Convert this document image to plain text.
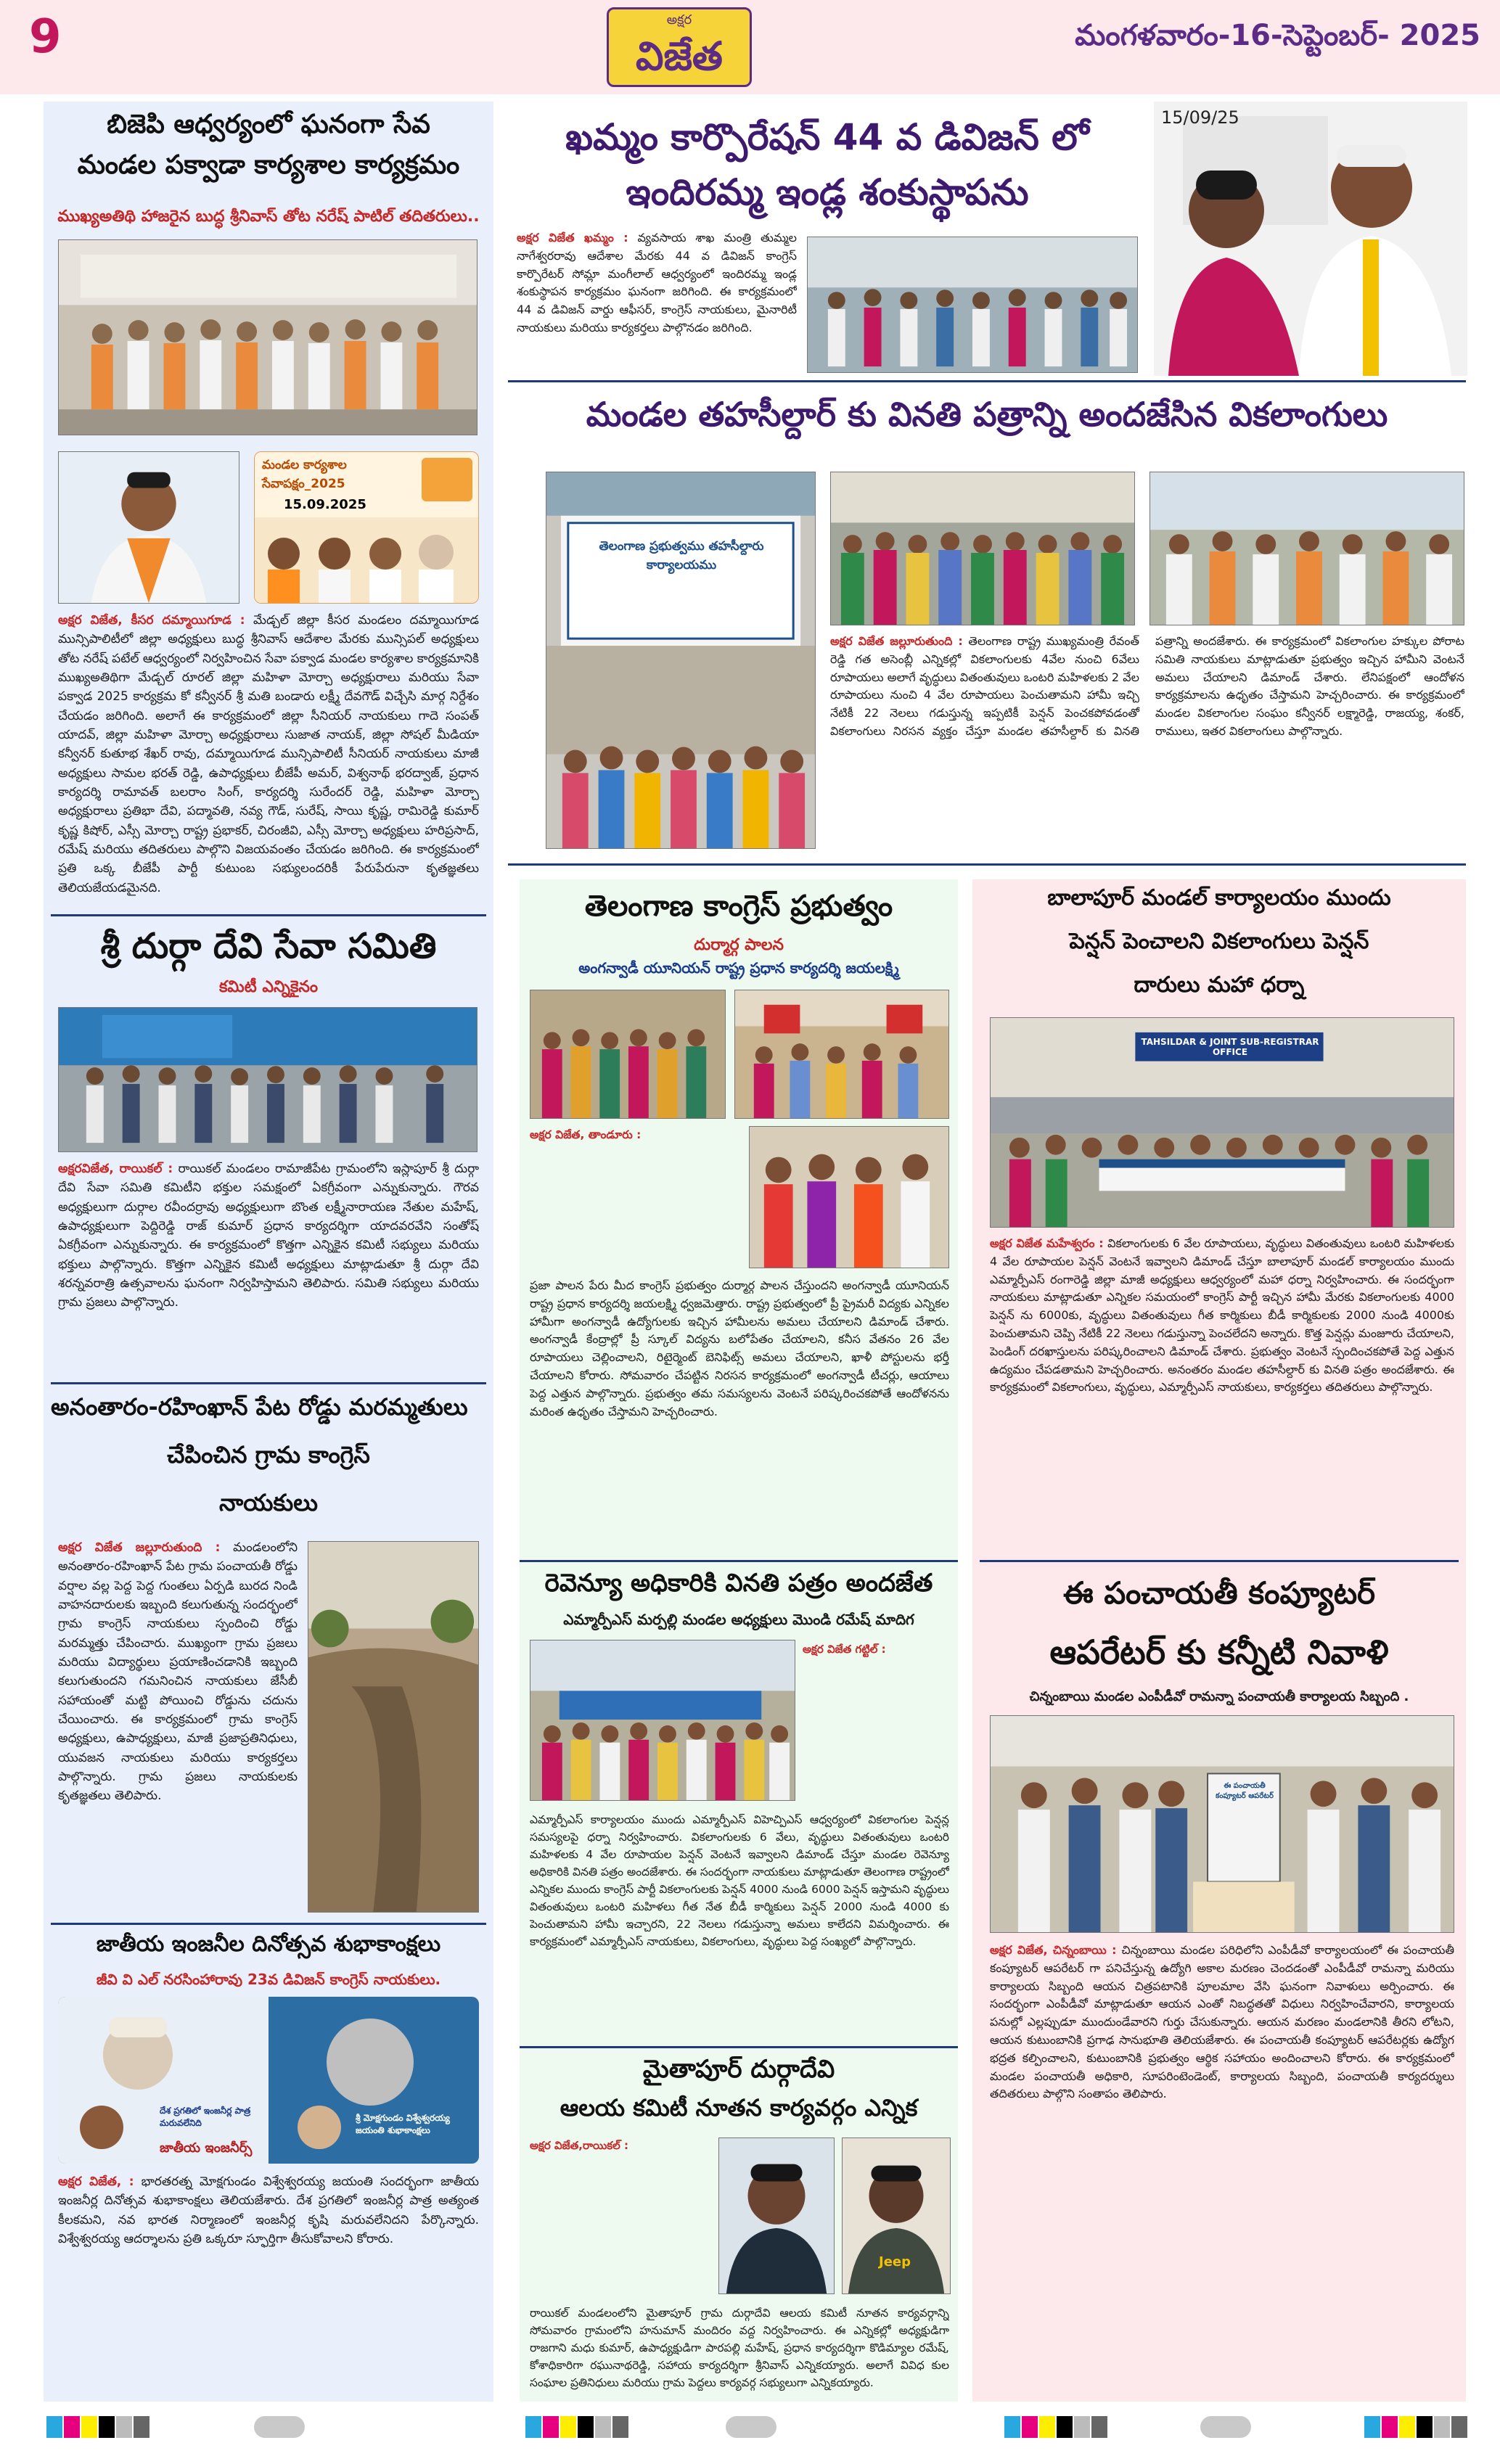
9	అక్షర
విజేత	మంగళవారం-16-సెప్టెంబర్- 2025
బిజెపి ఆధ్వర్యంలో ఘనంగా సేవ
మండల పక్వాడా కార్యశాల కార్యక్రమం
ముఖ్యఅతిథి హాజరైన బుద్ధ శ్రీనివాస్ తోట నరేష్ పాటిల్ తదితరులు..
మండల కార్యశాల
సేవాపక్షం_2025
15.09.2025
అక్షర విజేత, కీసర దమ్మాయిగూడ : మేడ్చల్ జిల్లా కీసర మండలం దమ్మాయిగూడ మున్సిపాలిటీలో జిల్లా అధ్యక్షులు బుద్ధ శ్రీనివాస్ ఆదేశాల మేరకు మున్సిపల్ అధ్యక్షులు తోట నరేష్ పటేల్ ఆధ్వర్యంలో నిర్వహించిన సేవా పక్వాడ మండల కార్యశాల కార్యక్రమానికి ముఖ్యఅతిథిగా మేడ్చల్ రూరల్ జిల్లా మహిళా మోర్చా అధ్యక్షురాలు మరియు సేవా పక్వాడ 2025 కార్యక్రమ కో కన్వీనర్ శ్రీ మతి బండారు లక్ష్మీ దేవగౌడ్ విచ్చేసి మార్గ నిర్దేశం చేయడం జరిగింది. అలాగే ఈ కార్యక్రమంలో జిల్లా సీనియర్ నాయకులు గాదె సంపత్ యాదవ్, జిల్లా మహిళా మోర్చా అధ్యక్షురాలు సుజాత నాయక్, జిల్లా సోషల్ మీడియా కన్వీనర్ కుతూభ శేఖర్ రావు, దమ్మాయిగూడ మున్సిపాలిటీ సీనియర్ నాయకులు మాజీ అధ్యక్షులు సామల భరత్ రెడ్డి, ఉపాధ్యక్షులు బీజేపీ అమర్, విశ్వనాథ్ భరద్వాజ్, ప్రధాన కార్యదర్శి రామావత్ బలరాం సింగ్, కార్యదర్శి సురేందర్ రెడ్డి, మహిళా మోర్చా అధ్యక్షురాలు ప్రతిభా దేవి, పద్మావతి, నవ్య గౌడ్, సురేష్, సాయి కృష్ణ, రామిరెడ్డి కుమార్ కృష్ణ కిషోర్, ఎస్సీ మోర్చా రాష్ట్ర ప్రభాకర్, చిరంజీవి, ఎస్సీ మోర్చా అధ్యక్షులు హరిప్రసాద్, రమేష్ మరియు తదితరులు పాల్గొని విజయవంతం చేయడం జరిగింది. ఈ కార్యక్రమంలో ప్రతి ఒక్క బీజేపీ పార్టీ కుటుంబ సభ్యులందరికీ పేరుపేరునా కృతజ్ఞతలు తెలియజేయడమైనది.
శ్రీ దుర్గా దేవి సేవా సమితి
కమిటీ ఎన్నికైనం
అక్షరవిజేత, రాయికల్ : రాయికల్ మండలం రామాజీపేట గ్రామంలోని ఇస్లాపూర్ శ్రీ దుర్గా దేవి సేవా సమితి కమిటీని భక్తుల సమక్షంలో ఏకగ్రీవంగా ఎన్నుకున్నారు. గౌరవ అధ్యక్షులుగా దుర్గాల రవీందర్రావు అధ్యక్షులుగా బొంత లక్ష్మీనారాయణ నేతుల మహేష్, ఉపాధ్యక్షులుగా పెద్దిరెడ్డి రాజ్ కుమార్ ప్రధాన కార్యదర్శిగా యాదవరవేని సంతోష్ ఏకగ్రీవంగా ఎన్నుకున్నారు. ఈ కార్యక్రమంలో కొత్తగా ఎన్నికైన కమిటీ సభ్యులు మరియు భక్తులు పాల్గొన్నారు. కొత్తగా ఎన్నికైన కమిటీ అధ్యక్షులు మాట్లాడుతూ శ్రీ దుర్గా దేవి శరన్నవరాత్రి ఉత్సవాలను ఘనంగా నిర్వహిస్తామని తెలిపారు. సమితి సభ్యులు మరియు గ్రామ ప్రజలు పాల్గొన్నారు.
అనంతారం-రహింఖాన్ పేట రోడ్డు మరమ్మతులు
చేపించిన గ్రామ కాంగ్రెస్
నాయకులు
అక్షర విజేత జల్లూరుతుంది : మండలంలోని అనంతారం-రహింఖాన్ పేట గ్రామ పంచాయతీ రోడ్డు వర్షాల వల్ల పెద్ద పెద్ద గుంతలు ఏర్పడి బురద నిండి వాహనదారులకు ఇబ్బంది కలుగుతున్న సందర్భంలో గ్రామ కాంగ్రెస్ నాయకులు స్పందించి రోడ్డు మరమ్మత్తు చేపించారు. ముఖ్యంగా గ్రామ ప్రజలు మరియు విద్యార్థులు ప్రయాణించడానికి ఇబ్బంది కలుగుతుందని గమనించిన నాయకులు జేసీబీ సహాయంతో మట్టి పోయించి రోడ్డును చదును చేయించారు. ఈ కార్యక్రమంలో గ్రామ కాంగ్రెస్ అధ్యక్షులు, ఉపాధ్యక్షులు, మాజీ ప్రజాప్రతినిధులు, యువజన నాయకులు మరియు కార్యకర్తలు పాల్గొన్నారు. గ్రామ ప్రజలు నాయకులకు కృతజ్ఞతలు తెలిపారు.
జాతీయ ఇంజనీల దినోత్సవ శుభాకాంక్షలు
జీవి వి ఎల్ నరసింహారావు 23వ డివిజన్ కాంగ్రెస్ నాయకులు.
దేశ ప్రగతిలో ఇంజనీర్ల పాత్ర మరువలేనిది
జాతీయ ఇంజనీర్స్
శ్రీ మోక్షగుండం విశ్వేశ్వరయ్య జయంతి శుభాకాంక్షలు
అక్షర విజేత, : భారతరత్న మోక్షగుండం విశ్వేశ్వరయ్య జయంతి సందర్భంగా జాతీయ ఇంజనీర్ల దినోత్సవ శుభాకాంక్షలు తెలియజేశారు. దేశ ప్రగతిలో ఇంజనీర్ల పాత్ర అత్యంత కీలకమని, నవ భారత నిర్మాణంలో ఇంజనీర్ల కృషి మరువలేనిదని పేర్కొన్నారు. విశ్వేశ్వరయ్య ఆదర్శాలను ప్రతి ఒక్కరూ స్ఫూర్తిగా తీసుకోవాలని కోరారు.
ఖమ్మం కార్పొరేషన్ 44 వ డివిజన్ లో
ఇందిరమ్మ ఇండ్ల శంకుస్థాపను
అక్షర విజేత ఖమ్మం : వ్యవసాయ శాఖ మంత్రి తుమ్మల నాగేశ్వరరావు ఆదేశాల మేరకు 44 వ డివిజన్ కాంగ్రెస్ కార్పొరేటర్ సోమ్లా మంగీలాల్ ఆధ్వర్యంలో ఇందిరమ్మ ఇండ్ల శంకుస్థాపన కార్యక్రమం ఘనంగా జరిగింది. ఈ కార్యక్రమంలో 44 వ డివిజన్ వార్డు ఆఫీసర్, కాంగ్రెస్ నాయకులు, మైనారిటీ నాయకులు మరియు కార్యకర్తలు పాల్గొనడం జరిగింది.
15/09/25
మండల తహసీల్దార్ కు వినతి పత్రాన్ని అందజేసిన వికలాంగులు
తెలంగాణ ప్రభుత్వము తహసీల్దారు కార్యాలయము
అక్షర విజేత జల్లూరుతుంది : తెలంగాణ రాష్ట్ర ముఖ్యమంత్రి రేవంత్ రెడ్డి గత అసెంబ్లీ ఎన్నికల్లో వికలాంగులకు 4వేల నుంచి 6వేలు రూపాయలు అలాగే వృద్ధులు వితంతువులు ఒంటరి మహిళలకు 2 వేల రూపాయలు నుంచి 4 వేల రూపాయలు పెంచుతామని హామీ ఇచ్చి నేటికీ 22 నెలలు గడుస్తున్న ఇప్పటికీ పెన్షన్ పెంచకపోవడంతో వికలాంగులు నిరసన వ్యక్తం చేస్తూ మండల తహసీల్దార్ కు వినతి పత్రాన్ని అందజేశారు. ఈ కార్యక్రమంలో వికలాంగుల హక్కుల పోరాట సమితి నాయకులు మాట్లాడుతూ ప్రభుత్వం ఇచ్చిన హామీని వెంటనే అమలు చేయాలని డిమాండ్ చేశారు. లేనిపక్షంలో ఆందోళన కార్యక్రమాలను ఉధృతం చేస్తామని హెచ్చరించారు. ఈ కార్యక్రమంలో మండల వికలాంగుల సంఘం కన్వీనర్ లక్ష్మారెడ్డి, రాజయ్య, శంకర్, రాములు, ఇతర వికలాంగులు పాల్గొన్నారు.
తెలంగాణ కాంగ్రెస్ ప్రభుత్వం
దుర్మార్గ పాలన
అంగన్వాడీ యూనియన్ రాష్ట్ర ప్రధాన కార్యదర్శి జయలక్ష్మి
అక్షర విజేత, తాండూరు :
ప్రజా పాలన పేరు మీద కాంగ్రెస్ ప్రభుత్వం దుర్మార్గ పాలన చేస్తుందని అంగన్వాడీ యూనియన్ రాష్ట్ర ప్రధాన కార్యదర్శి జయలక్ష్మి ధ్వజమెత్తారు. రాష్ట్ర ప్రభుత్వంలో ప్రీ ప్రైమరీ విద్యకు ఎన్నికల హామీగా అంగన్వాడీ ఉద్యోగులకు ఇచ్చిన హామీలను అమలు చేయాలని డిమాండ్ చేశారు. అంగన్వాడీ కేంద్రాల్లో ప్రీ స్కూల్ విద్యను బలోపేతం చేయాలని, కనీస వేతనం 26 వేల రూపాయలు చెల్లించాలని, రిటైర్మెంట్ బెనిఫిట్స్ అమలు చేయాలని, ఖాళీ పోస్టులను భర్తీ చేయాలని కోరారు. సోమవారం చేపట్టిన నిరసన కార్యక్రమంలో అంగన్వాడీ టీచర్లు, ఆయాలు పెద్ద ఎత్తున పాల్గొన్నారు. ప్రభుత్వం తమ సమస్యలను వెంటనే పరిష్కరించకపోతే ఆందోళనను మరింత ఉధృతం చేస్తామని హెచ్చరించారు.
రెవెన్యూ అధికారికి వినతి పత్రం అందజేత
ఎమ్మార్పీఎస్ మర్పల్లి మండల అధ్యక్షులు మొండి రమేష్ మాదిగ
అక్షర విజేత గట్టిల్ :
ఎమ్మార్పీఎస్ కార్యాలయం ముందు ఎమ్మార్పీఎస్ విహెచ్పిఎస్ ఆధ్వర్యంలో వికలాంగుల పెన్షన్ల సమస్యలపై ధర్నా నిర్వహించారు. వికలాంగులకు 6 వేలు, వృద్ధులు వితంతువులు ఒంటరి మహిళలకు 4 వేల రూపాయల పెన్షన్ వెంటనే ఇవ్వాలని డిమాండ్ చేస్తూ మండల రెవెన్యూ అధికారికి వినతి పత్రం అందజేశారు. ఈ సందర్భంగా నాయకులు మాట్లాడుతూ తెలంగాణ రాష్ట్రంలో ఎన్నికల ముందు కాంగ్రెస్ పార్టీ వికలాంగులకు పెన్షన్ 4000 నుండి 6000 పెన్షన్ ఇస్తామని వృద్ధులు వితంతువులు ఒంటరి మహిళలు గీత నేత బీడీ కార్మికులు పెన్షన్ 2000 నుండి 4000 కు పెంచుతామని హామీ ఇచ్చారని, 22 నెలలు గడుస్తున్నా అమలు కాలేదని విమర్శించారు. ఈ కార్యక్రమంలో ఎమ్మార్పీఎస్ నాయకులు, వికలాంగులు, వృద్ధులు పెద్ద సంఖ్యలో పాల్గొన్నారు.
మైతాపూర్ దుర్గాదేవి
ఆలయ కమిటీ నూతన కార్యవర్గం ఎన్నిక
అక్షర విజేత,రాయికల్ :
Jeep
రాయికల్ మండలంలోని మైతాపూర్ గ్రామ దుర్గాదేవి ఆలయ కమిటీ నూతన కార్యవర్గాన్ని సోమవారం గ్రామంలోని హనుమాన్ మందిరం వద్ద నిర్వహించారు. ఈ ఎన్నికల్లో అధ్యక్షుడిగా రాజగాని మధు కుమార్, ఉపాధ్యక్షుడిగా పారపల్లి మహేష్, ప్రధాన కార్యదర్శిగా కొడిమ్యాల రమేష్, కోశాధికారిగా రఘునాథరెడ్డి, సహాయ కార్యదర్శిగా శ్రీనివాస్ ఎన్నికయ్యారు. అలాగే వివిధ కుల సంఘాల ప్రతినిధులు మరియు గ్రామ పెద్దలు కార్యవర్గ సభ్యులుగా ఎన్నికయ్యారు.
బాలాపూర్ మండల్ కార్యాలయం ముందు
పెన్షన్ పెంచాలని వికలాంగులు పెన్షన్
దారులు మహా ధర్నా
TAHSILDAR & JOINT SUB-REGISTRAR OFFICE
అక్షర విజేత మహేశ్వరం : వికలాంగులకు 6 వేల రూపాయలు, వృద్ధులు వితంతువులు ఒంటరి మహిళలకు 4 వేల రూపాయల పెన్షన్ వెంటనే ఇవ్వాలని డిమాండ్ చేస్తూ బాలాపూర్ మండల్ కార్యాలయం ముందు ఎమ్మార్పీఎస్ రంగారెడ్డి జిల్లా మాజీ అధ్యక్షులు ఆధ్వర్యంలో మహా ధర్నా నిర్వహించారు. ఈ సందర్భంగా నాయకులు మాట్లాడుతూ ఎన్నికల సమయంలో కాంగ్రెస్ పార్టీ ఇచ్చిన హామీ మేరకు వికలాంగులకు 4000 పెన్షన్ ను 6000కు, వృద్ధులు వితంతువులు గీత కార్మికులు బీడీ కార్మికులకు 2000 నుండి 4000కు పెంచుతామని చెప్పి నేటికీ 22 నెలలు గడుస్తున్నా పెంచలేదని అన్నారు. కొత్త పెన్షన్లు మంజూరు చేయాలని, పెండింగ్ దరఖాస్తులను పరిష్కరించాలని డిమాండ్ చేశారు. ప్రభుత్వం వెంటనే స్పందించకపోతే పెద్ద ఎత్తున ఉద్యమం చేపడతామని హెచ్చరించారు. అనంతరం మండల తహసీల్దార్ కు వినతి పత్రం అందజేశారు. ఈ కార్యక్రమంలో వికలాంగులు, వృద్ధులు, ఎమ్మార్పీఎస్ నాయకులు, కార్యకర్తలు తదితరులు పాల్గొన్నారు.
ఈ పంచాయతీ కంప్యూటర్
ఆపరేటర్ కు కన్నీటి నివాళి
చిన్నంబాయి మండల ఎంపీడీవో రామన్నా పంచాయతీ కార్యాలయ సిబ్బంది .
ఈ పంచాయతీ కంప్యూటర్ ఆపరేటర్
అక్షర విజేత, చిన్నంబాయి : చిన్నంబాయి మండల పరిధిలోని ఎంపీడీవో కార్యాలయంలో ఈ పంచాయతీ కంప్యూటర్ ఆపరేటర్ గా పనిచేస్తున్న ఉద్యోగి అకాల మరణం చెందడంతో ఎంపీడీవో రామన్నా మరియు కార్యాలయ సిబ్బంది ఆయన చిత్రపటానికి పూలమాల వేసి ఘనంగా నివాళులు అర్పించారు. ఈ సందర్భంగా ఎంపీడీవో మాట్లాడుతూ ఆయన ఎంతో నిబద్ధతతో విధులు నిర్వహించేవారని, కార్యాలయ పనుల్లో ఎల్లప్పుడూ ముందుండేవారని గుర్తు చేసుకున్నారు. ఆయన మరణం మండలానికి తీరని లోటని, ఆయన కుటుంబానికి ప్రగాఢ సానుభూతి తెలియజేశారు. ఈ పంచాయతీ కంప్యూటర్ ఆపరేటర్లకు ఉద్యోగ భద్రత కల్పించాలని, కుటుంబానికి ప్రభుత్వం ఆర్థిక సహాయం అందించాలని కోరారు. ఈ కార్యక్రమంలో మండల పంచాయతీ అధికారి, సూపరింటెండెంట్, కార్యాలయ సిబ్బంది, పంచాయతీ కార్యదర్శులు తదితరులు పాల్గొని సంతాపం తెలిపారు.
